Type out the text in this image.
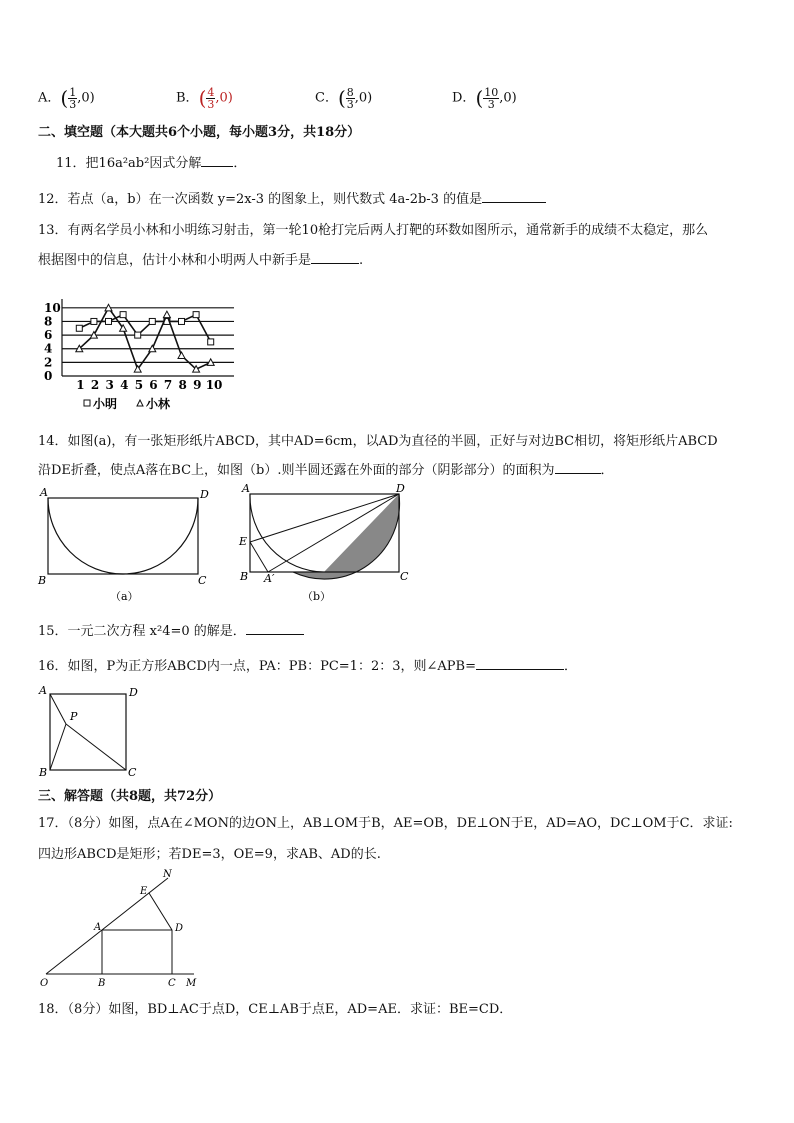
A．( $\frac{1}{3} ,0$)	B．( $\frac{4}{3} ,0$)	C．( $\frac{8}{3} ,0$)	D．( $\frac{10}{3} ,0$)
二、填空题（本大题共6个小题，每小题3分，共18分）
11．把16a²ab²因式分解 ．
12．若点（a，b）在一次函数 y=2x-3 的图象上，则代数式 4a-2b-3 的值是
13．有两名学员小林和小明练习射击，第一轮10枪打完后两人打靶的环数如图所示，通常新手的成绩不太稳定，那么
根据图中的信息，估计小林和小明两人中新手是	.
0
2
4
6
8
10
1 2 3 4 5 6 7 8 9 10
小明 小林
14．如图(a)，有一张矩形纸片ABCD，其中AD=6cm，以AD为直径的半圆，正好与对边BC相切，将矩形纸片ABCD
沿DE折叠，使点A落在BC上，如图（b）.则半圆还露在外面的部分（阴影部分）的面积为	．
A	D
B	C
（a）
A	D
E
B A′	C
（b）
15．一元二次方程 x²4=0 的解是．
16．如图，P为正方形ABCD内一点，PA：PB：PC=1：2：3，则∠APB=	．
A	D
P
B	C
三、解答题（共8题，共72分）
17．（8分）如图，点A在∠MON的边ON上，AB⊥OM于B，AE=OB，DE⊥ON于E，AD=AO，DC⊥OM于C．求证:
四边形ABCD是矩形；若DE=3，OE=9，求AB、AD的长.
N
E
A	D
O	B	C M
18．（8分）如图，BD⊥AC于点D，CE⊥AB于点E，AD=AE．求证：BE=CD．
